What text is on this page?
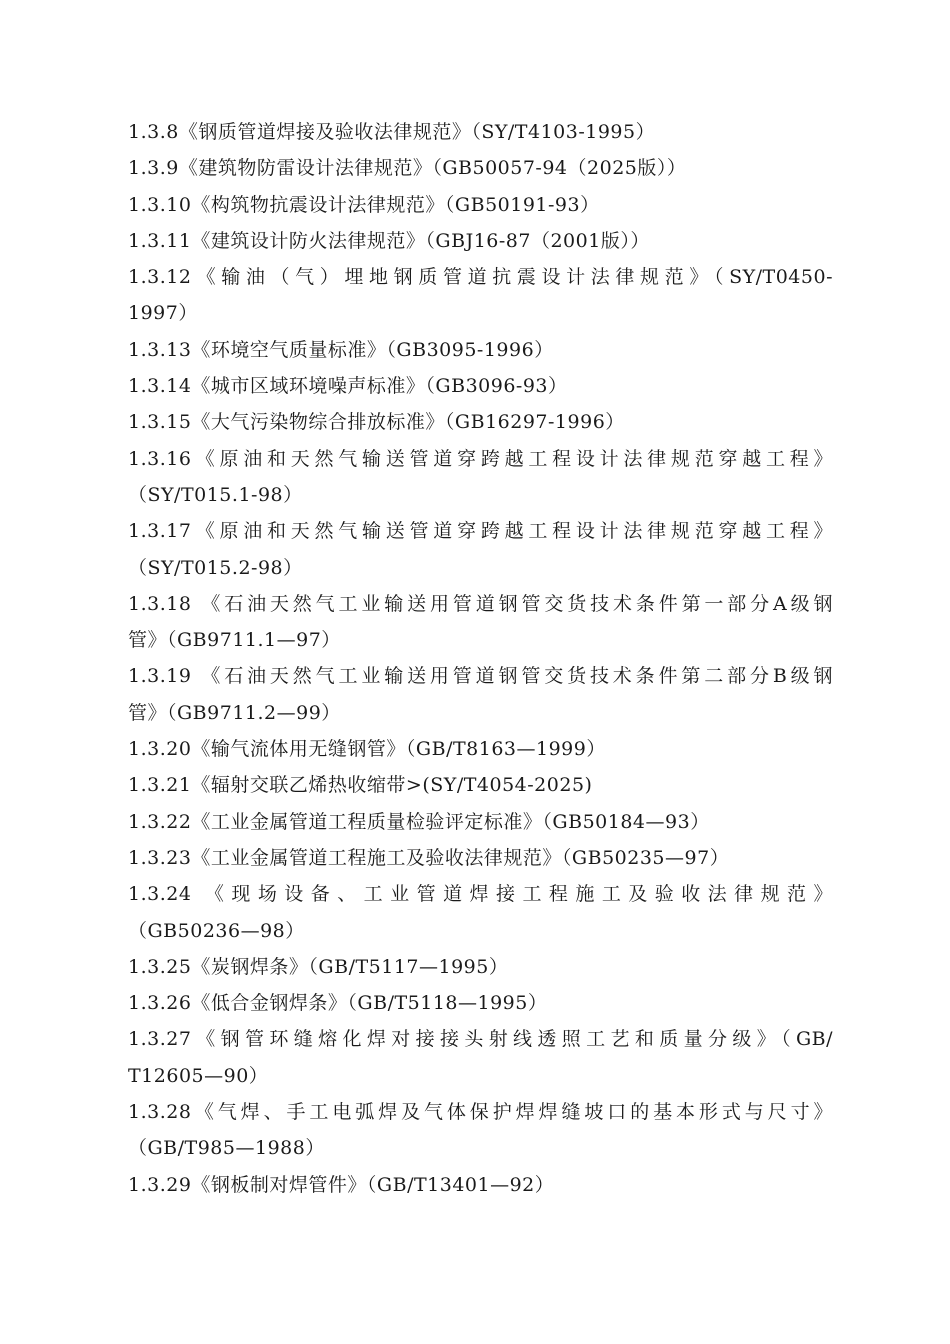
1.3.8《钢质管道焊接及验收法律规范》（SY/T4103-1995）
1.3.9《建筑物防雷设计法律规范》（GB50057-94（2025版））
1.3.10《构筑物抗震设计法律规范》（GB50191-93）
1.3.11《建筑设计防火法律规范》（GBJ16-87（2001版））
1.3.12《输油（气）埋地钢质管道抗震设计法律规范》（SY/T0450-
1997）
1.3.13《环境空气质量标准》（GB3095-1996）
1.3.14《城市区域环境噪声标准》（GB3096-93）
1.3.15《大气污染物综合排放标准》（GB16297-1996）
1.3.16《原油和天然气输送管道穿跨越工程设计法律规范穿越工程》
（SY/T015.1-98）
1.3.17《原油和天然气输送管道穿跨越工程设计法律规范穿越工程》
（SY/T015.2-98）
1.3.18 《石油天然气工业输送用管道钢管交货技术条件第一部分A级钢
管》（GB9711.1—97）
1.3.19 《石油天然气工业输送用管道钢管交货技术条件第二部分B级钢
管》（GB9711.2—99）
1.3.20《输气流体用无缝钢管》（GB/T8163—1999）
1.3.21《辐射交联乙烯热收缩带>(SY/T4054-2025)
1.3.22《工业金属管道工程质量检验评定标准》（GB50184—93）
1.3.23《工业金属管道工程施工及验收法律规范》（GB50235—97）
1.3.24 《现场设备、工业管道焊接工程施工及验收法律规范》
（GB50236—98）
1.3.25《炭钢焊条》（GB/T5117—1995）
1.3.26《低合金钢焊条》（GB/T5118—1995）
1.3.27《钢管环缝熔化焊对接接头射线透照工艺和质量分级》（GB/
T12605—90）
1.3.28《气焊、手工电弧焊及气体保护焊焊缝坡口的基本形式与尺寸》
（GB/T985—1988）
1.3.29《钢板制对焊管件》（GB/T13401—92）
